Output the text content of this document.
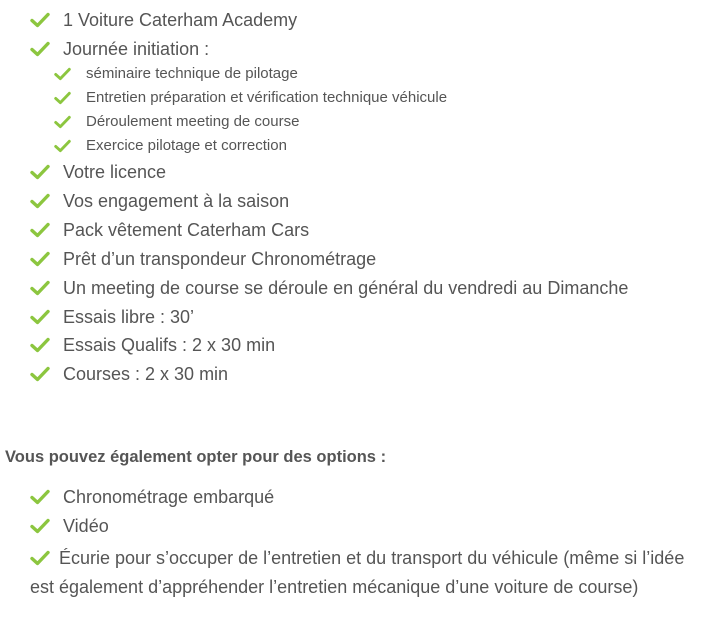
1 Voiture Caterham Academy
Journée initiation :
séminaire technique de pilotage
Entretien préparation et vérification technique véhicule
Déroulement meeting de course
Exercice pilotage et correction
Votre licence
Vos engagement à la saison
Pack vêtement Caterham Cars
Prêt d’un transpondeur Chronométrage
Un meeting de course se déroule en général du vendredi au Dimanche
Essais libre : 30’
Essais Qualifs : 2 x 30 min
Courses : 2 x 30 min
Vous pouvez également opter pour des options :
Chronométrage embarqué
Vidéo
Écurie pour s’occuper de l’entretien et du transport du véhicule (même si l’idée est également d’appréhender l’entretien mécanique d’une voiture de course)
